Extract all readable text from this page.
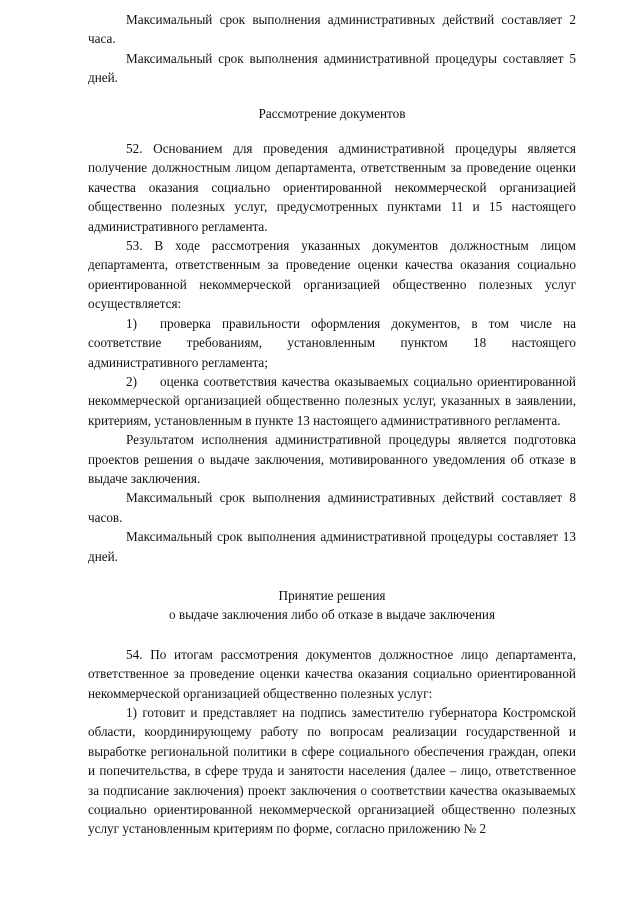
Максимальный срок выполнения административных действий составляет 2 часа.

Максимальный срок выполнения административной процедуры составляет 5 дней.

Рассмотрение документов

52. Основанием для проведения административной процедуры является получение должностным лицом департамента, ответственным за проведение оценки качества оказания социально ориентированной некоммерческой организацией общественно полезных услуг, предусмотренных пунктами 11 и 15 настоящего административного регламента.

53. В ходе рассмотрения указанных документов должностным лицом департамента, ответственным за проведение оценки качества оказания социально ориентированной некоммерческой организацией общественно полезных услуг осуществляется:

1) проверка правильности оформления документов, в том числе на соответствие требованиям, установленным пунктом 18 настоящего административного регламента;

2) оценка соответствия качества оказываемых социально ориентированной некоммерческой организацией общественно полезных услуг, указанных в заявлении, критериям, установленным в пункте 13 настоящего административного регламента.

Результатом исполнения административной процедуры является подготовка проектов решения о выдаче заключения, мотивированного уведомления об отказе в выдаче заключения.

Максимальный срок выполнения административных действий составляет 8 часов.

Максимальный срок выполнения административной процедуры составляет 13 дней.

Принятие решения

о выдаче заключения либо об отказе в выдаче заключения

54. По итогам рассмотрения документов должностное лицо департамента, ответственное за проведение оценки качества оказания социально ориентированной некоммерческой организацией общественно полезных услуг:

1) готовит и представляет на подпись заместителю губернатора Костромской области, координирующему работу по вопросам реализации государственной и выработке региональной политики в сфере социального обеспечения граждан, опеки и попечительства, в сфере труда и занятости населения (далее – лицо, ответственное за подписание заключения) проект заключения о соответствии качества оказываемых социально ориентированной некоммерческой организацией общественно полезных услуг установленным критериям по форме, согласно приложению № 2
